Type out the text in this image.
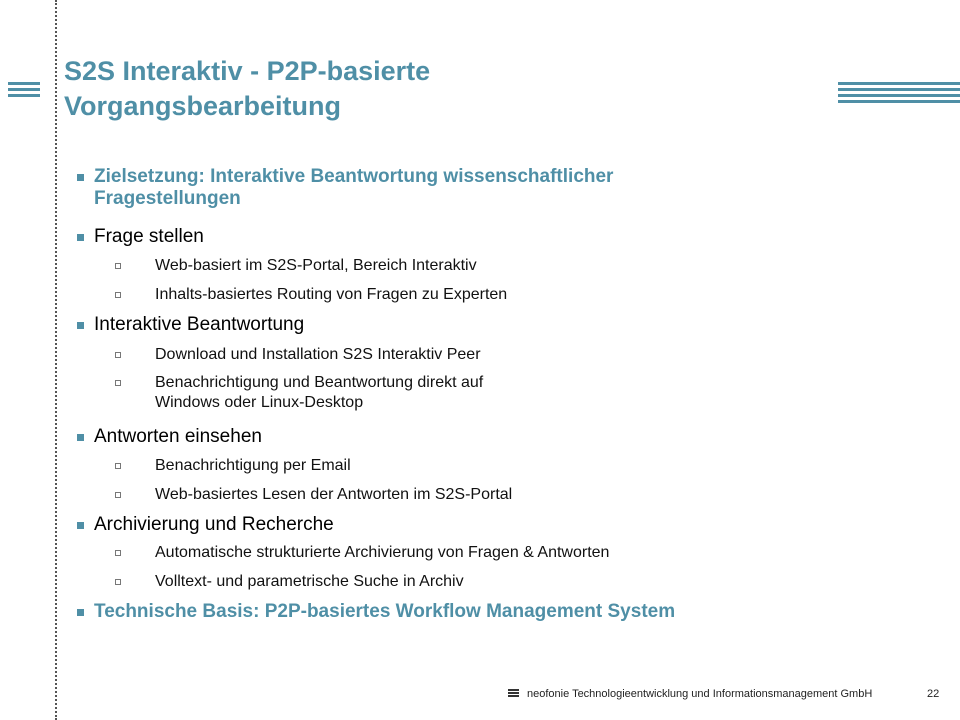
S2S Interaktiv - P2P-basierte
Vorgangsbearbeitung
Zielsetzung: Interaktive Beantwortung wissenschaftlicher
Fragestellungen
Frage stellen
Web-basiert im S2S-Portal, Bereich Interaktiv
Inhalts-basiertes Routing von Fragen zu Experten
Interaktive Beantwortung
Download und Installation S2S Interaktiv Peer
Benachrichtigung und Beantwortung direkt auf
Windows oder Linux-Desktop
Antworten einsehen
Benachrichtigung per Email
Web-basiertes Lesen der Antworten im S2S-Portal
Archivierung und Recherche
Automatische strukturierte Archivierung von Fragen & Antworten
Volltext- und parametrische Suche in Archiv
Technische Basis: P2P-basiertes Workflow Management System
neofonie Technologieentwicklung und Informationsmanagement GmbH	22
